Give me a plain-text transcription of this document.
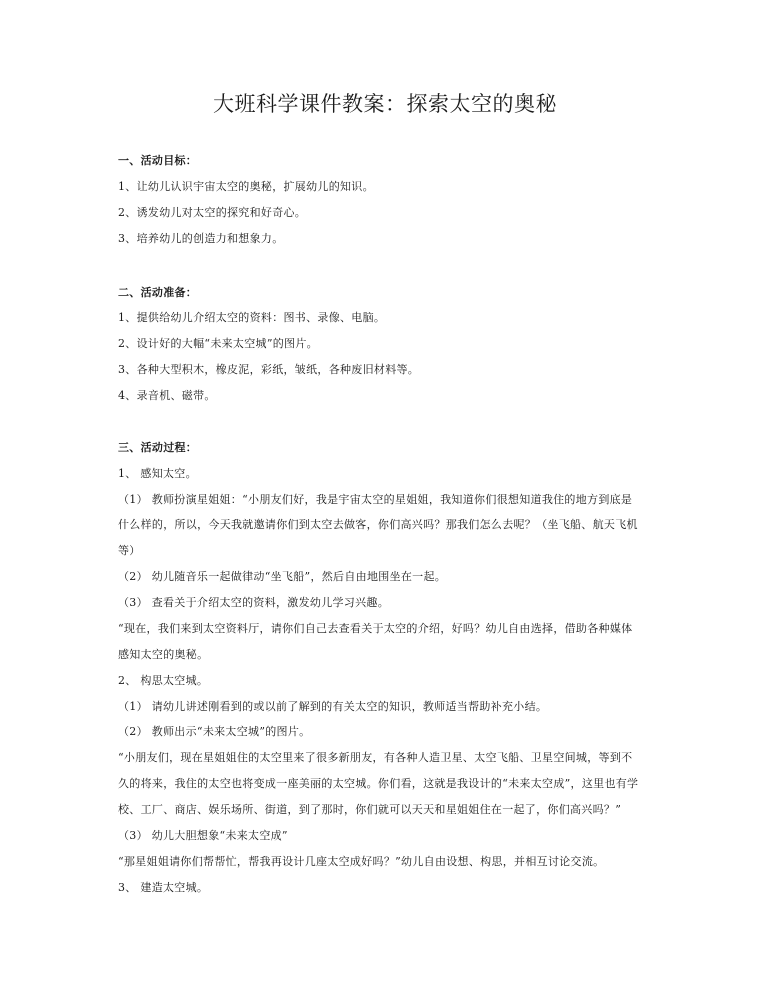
大班科学课件教案：探索太空的奥秘
一、活动目标：
1、让幼儿认识宇宙太空的奥秘，扩展幼儿的知识。
2、诱发幼儿对太空的探究和好奇心。
3、培养幼儿的创造力和想象力。
二、活动准备：
1、提供给幼儿介绍太空的资料：图书、录像、电脑。
2、设计好的大幅“未来太空城”的图片。
3、各种大型积木，橡皮泥，彩纸，皱纸，各种废旧材料等。
4、录音机、磁带。
三、活动过程：
1、 感知太空。
（1） 教师扮演星姐姐：“小朋友们好，我是宇宙太空的星姐姐，我知道你们很想知道我住的地方到底是
什么样的，所以，今天我就邀请你们到太空去做客，你们高兴吗？那我们怎么去呢？（坐飞船、航天飞机
等）
（2） 幼儿随音乐一起做律动“坐飞船”，然后自由地围坐在一起。
（3） 查看关于介绍太空的资料，激发幼儿学习兴趣。
“现在，我们来到太空资料厅，请你们自己去查看关于太空的介绍，好吗？幼儿自由选择，借助各种媒体
感知太空的奥秘。
2、 构思太空城。
（1） 请幼儿讲述刚看到的或以前了解到的有关太空的知识，教师适当帮助补充小结。
（2） 教师出示“未来太空城”的图片。
“小朋友们，现在星姐姐住的太空里来了很多新朋友，有各种人造卫星、太空飞船、卫星空间城，等到不
久的将来，我住的太空也将变成一座美丽的太空城。你们看，这就是我设计的“未来太空成”，这里也有学
校、工厂、商店、娱乐场所、街道，到了那时，你们就可以天天和星姐姐住在一起了，你们高兴吗？”
（3） 幼儿大胆想象“未来太空成”
“那星姐姐请你们帮帮忙，帮我再设计几座太空成好吗？”幼儿自由设想、构思，并相互讨论交流。
3、 建造太空城。
